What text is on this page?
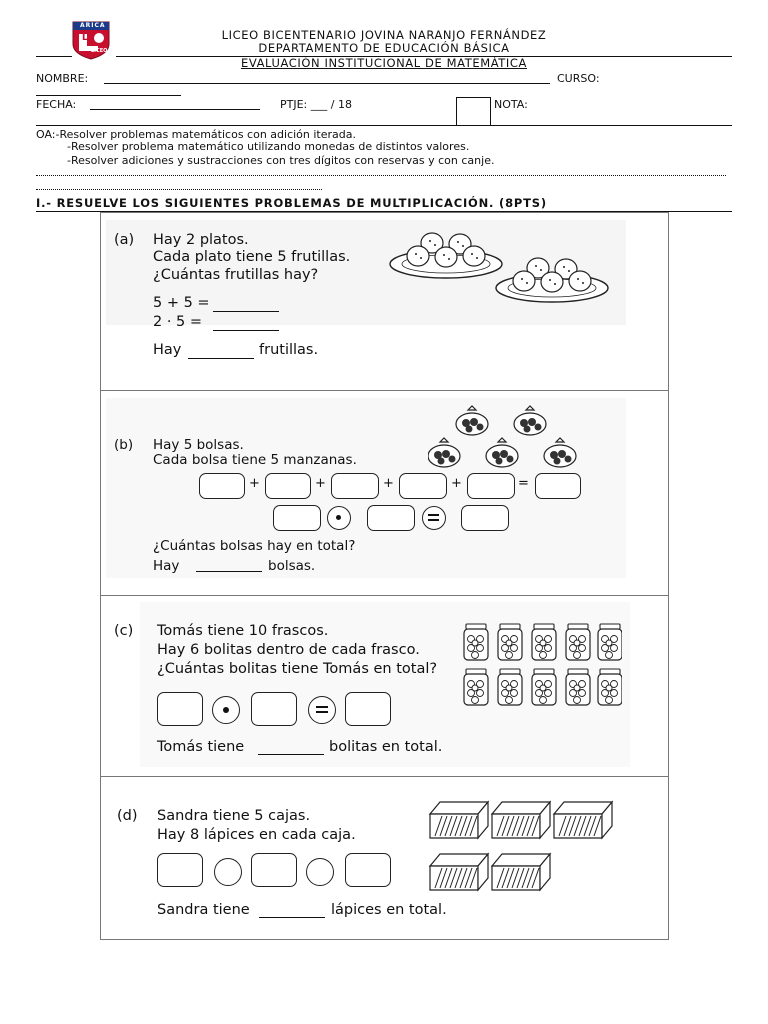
ARICA
L
LICEO
LICEO BICENTENARIO JOVINA NARANJO FERNÁNDEZ
DEPARTAMENTO DE EDUCACIÓN BÁSICA
EVALUACIÓN INSTITUCIONAL DE MATEMÁTICA
NOMBRE:	CURSO:
FECHA:	PTJE: ___ / 18	NOTA:
OA:-Resolver problemas matemáticos con adición iterada.
-Resolver problema matemático utilizando monedas de distintos valores.
-Resolver adiciones y sustracciones con tres dígitos con reservas y con canje.
I.- RESUELVE LOS SIGUIENTES PROBLEMAS DE MULTIPLICACIÓN. (8PTS)
(a) Hay 2 platos.
Cada plato tiene 5 frutillas.
¿Cuántas frutillas hay?
5 + 5 =
2 · 5 =
Hay	frutillas.
(b) Hay 5 bolsas.
Cada bolsa tiene 5 manzanas.
+	+	+	+	=
¿Cuántas bolsas hay en total?
Hay	bolsas.
(c) Tomás tiene 10 frascos.
Hay 6 bolitas dentro de cada frasco.
¿Cuántas bolitas tiene Tomás en total?
Tomás tiene	bolitas en total.
(d) Sandra tiene 5 cajas.
Hay 8 lápices en cada caja.
Sandra tiene	lápices en total.
